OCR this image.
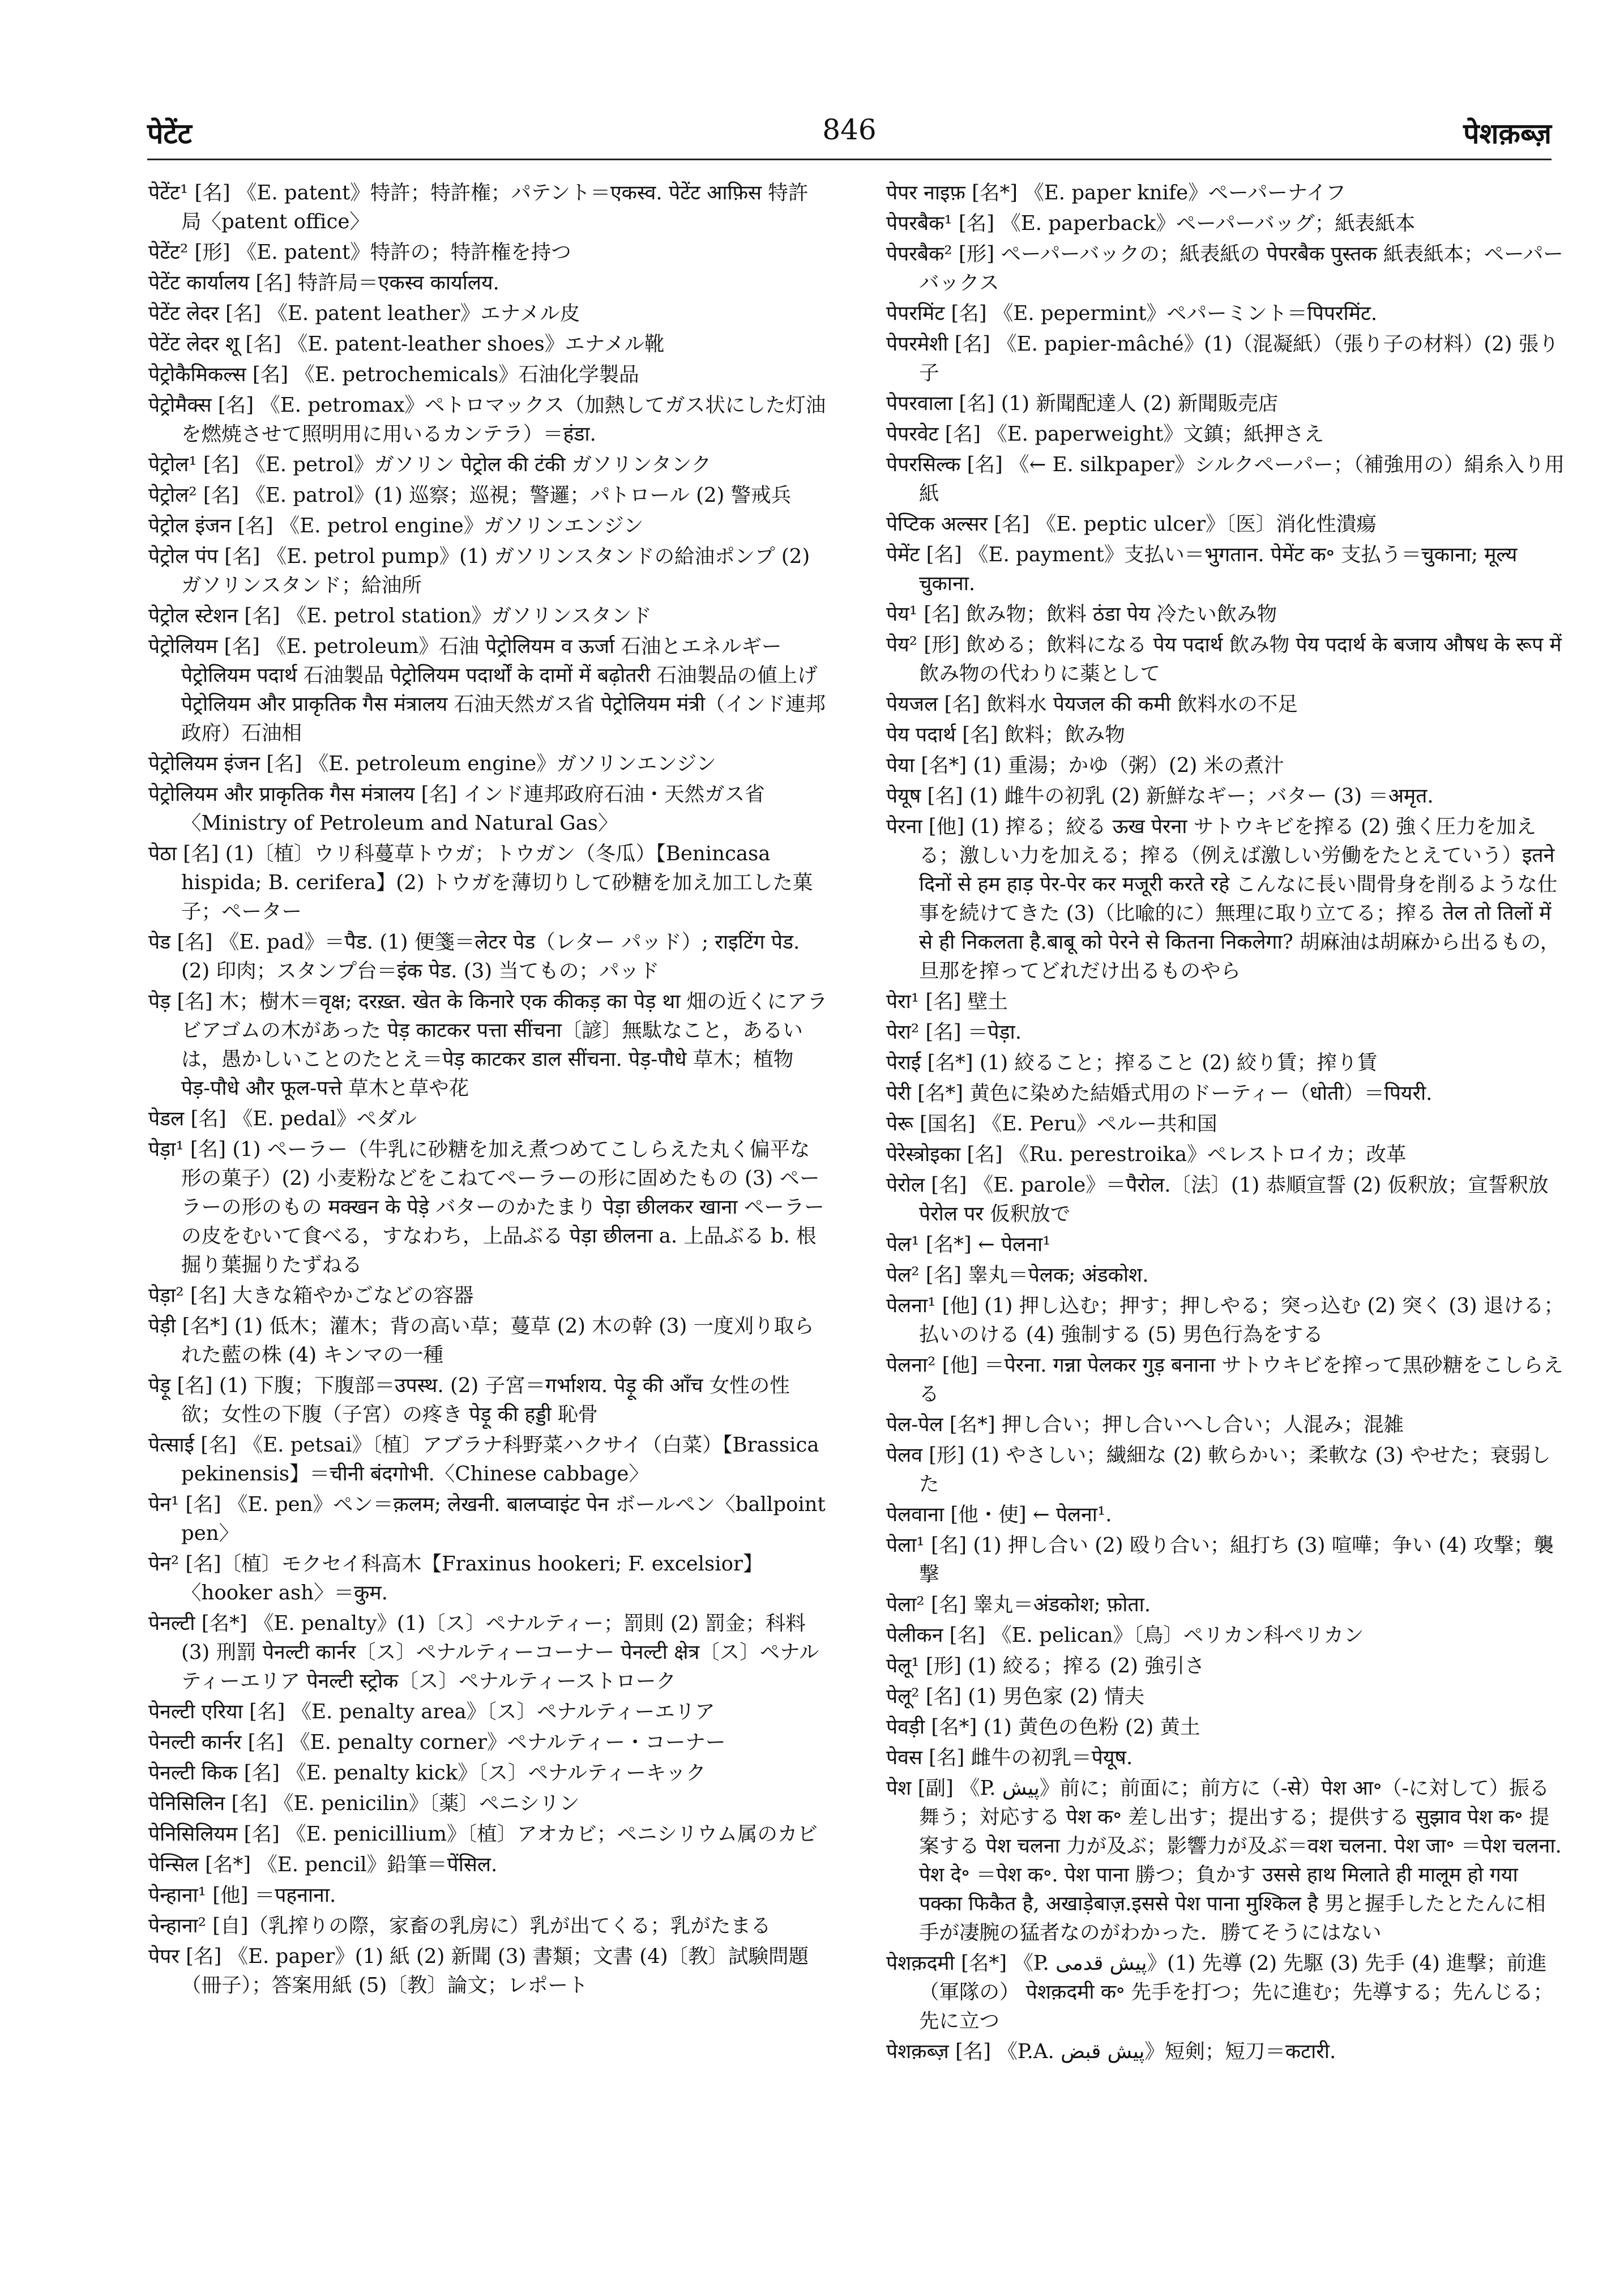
पेटेंट	846	पेशक़ब्ज़

पेटेंट¹ [名] 《E. patent》特許；特許権；パテント＝एकस्व. पेटेंट आफ़िस 特許局〈patent office〉

पेटेंट² [形] 《E. patent》特許の；特許権を持つ

पेटेंट कार्यालय [名] 特許局＝एकस्व कार्यालय.

पेटेंट लेदर [名] 《E. patent leather》エナメル皮

पेटेंट लेदर शू [名] 《E. patent-leather shoes》エナメル靴

पेट्रोकैमिकल्स [名] 《E. petrochemicals》石油化学製品

पेट्रोमैक्स [名] 《E. petromax》ペトロマックス（加熱してガス状にした灯油を燃焼させて照明用に用いるカンテラ）＝हंडा.

पेट्रोल¹ [名] 《E. petrol》ガソリン पेट्रोल की टंकी ガソリンタンク

पेट्रोल² [名] 《E. patrol》(1) 巡察；巡視；警邏；パトロール (2) 警戒兵

पेट्रोल इंजन [名] 《E. petrol engine》ガソリンエンジン

पेट्रोल पंप [名] 《E. petrol pump》(1) ガソリンスタンドの給油ポンプ (2) ガソリンスタンド；給油所

पेट्रोल स्टेशन [名] 《E. petrol station》ガソリンスタンド

पेट्रोलियम [名] 《E. petroleum》石油 पेट्रोलियम व ऊर्जा 石油とエネルギー पेट्रोलियम पदार्थ 石油製品 पेट्रोलियम पदार्थों के दामों में बढ़ोतरी 石油製品の値上げ पेट्रोलियम और प्राकृतिक गैस मंत्रालय 石油天然ガス省 पेट्रोलियम मंत्री（インド連邦政府）石油相

पेट्रोलियम इंजन [名] 《E. petroleum engine》ガソリンエンジン

पेट्रोलियम और प्राकृतिक गैस मंत्रालय [名] インド連邦政府石油・天然ガス省〈Ministry of Petroleum and Natural Gas〉

पेठा [名] (1)〔植〕ウリ科蔓草トウガ；トウガン（冬瓜）【Benincasa hispida; B. cerifera】(2) トウガを薄切りして砂糖を加え加工した菓子；ペーター

पेड [名] 《E. pad》＝पैड. (1) 便箋＝लेटर पेड（レター パッド）; राइटिंग पेड. (2) 印肉；スタンプ台＝इंक पेड. (3) 当てもの；パッド

पेड़ [名] 木；樹木＝वृक्ष; दरख़्त. खेत के किनारे एक कीकड़ का पेड़ था 畑の近くにアラビアゴムの木があった पेड़ काटकर पत्ता सींचना〔諺〕無駄なこと，あるいは，愚かしいことのたとえ＝पेड़ काटकर डाल सींचना. पेड़-पौधे 草木；植物 पेड़-पौधे और फूल-पत्ते 草木と草や花

पेडल [名] 《E. pedal》ペダル

पेड़ा¹ [名] (1) ペーラー（牛乳に砂糖を加え煮つめてこしらえた丸く偏平な形の菓子）(2) 小麦粉などをこねてペーラーの形に固めたもの (3) ペーラーの形のもの मक्खन के पेड़े バターのかたまり पेड़ा छीलकर खाना ペーラーの皮をむいて食べる，すなわち，上品ぶる पेड़ा छीलना a. 上品ぶる b. 根掘り葉掘りたずねる

पेड़ा² [名] 大きな箱やかごなどの容器

पेड़ी [名*] (1) 低木；灌木；背の高い草；蔓草 (2) 木の幹 (3) 一度刈り取られた藍の株 (4) キンマの一種

पेड़ू [名] (1) 下腹；下腹部＝उपस्थ. (2) 子宮＝गर्भाशय. पेड़ू की आँच 女性の性欲；女性の下腹（子宮）の疼き पेड़ू की हड्डी 恥骨

पेत्साई [名] 《E. petsai》〔植〕アブラナ科野菜ハクサイ（白菜）【Brassica pekinensis】＝चीनी बंदगोभी.〈Chinese cabbage〉

पेन¹ [名] 《E. pen》ペン＝क़लम; लेखनी. बालप्वाइंट पेन ボールペン〈ballpoint pen〉

पेन² [名]〔植〕モクセイ科高木【Fraxinus hookeri; F. excelsior】〈hooker ash〉＝कुम.

पेनल्टी [名*] 《E. penalty》(1)〔ス〕ペナルティー；罰則 (2) 罰金；科料 (3) 刑罰 पेनल्टी कार्नर〔ス〕ペナルティーコーナー पेनल्टी क्षेत्र〔ス〕ペナルティーエリア पेनल्टी स्ट्रोक〔ス〕ペナルティーストローク

पेनल्टी एरिया [名] 《E. penalty area》〔ス〕ペナルティーエリア

पेनल्टी कार्नर [名] 《E. penalty corner》ペナルティー・コーナー

पेनल्टी किक [名] 《E. penalty kick》〔ス〕ペナルティーキック

पेनिसिलिन [名] 《E. penicilin》〔薬〕ペニシリン

पेनिसिलियम [名] 《E. penicillium》〔植〕アオカビ；ペニシリウム属のカビ

पेन्सिल [名*] 《E. pencil》鉛筆＝पेंसिल.

पेन्हाना¹ [他] ＝पहनाना.

पेन्हाना² [自]（乳搾りの際，家畜の乳房に）乳が出てくる；乳がたまる

पेपर [名] 《E. paper》(1) 紙 (2) 新聞 (3) 書類；文書 (4)〔教〕試験問題（冊子）；答案用紙 (5)〔教〕論文；レポート

पेपर नाइफ़ [名*] 《E. paper knife》ペーパーナイフ

पेपरबैक¹ [名] 《E. paperback》ペーパーバッグ；紙表紙本

पेपरबैक² [形] ペーパーバックの；紙表紙の पेपरबैक पुस्तक 紙表紙本；ペーパーバックス

पेपरमिंट [名] 《E. pepermint》ペパーミント＝पिपरमिंट.

पेपरमेशी [名] 《E. papier-mâché》(1)（混凝紙）（張り子の材料）(2) 張り子

पेपरवाला [名] (1) 新聞配達人 (2) 新聞販売店

पेपरवेट [名] 《E. paperweight》文鎮；紙押さえ

पेपरसिल्क [名] 《← E. silkpaper》シルクペーパー；（補強用の）絹糸入り用紙

पेप्टिक अल्सर [名] 《E. peptic ulcer》〔医〕消化性潰瘍

पेमेंट [名] 《E. payment》支払い＝भुगतान. पेमेंट क॰ 支払う＝चुकाना; मूल्य चुकाना.

पेय¹ [名] 飲み物；飲料 ठंडा पेय 冷たい飲み物

पेय² [形] 飲める；飲料になる पेय पदार्थ 飲み物 पेय पदार्थ के बजाय औषध के रूप में 飲み物の代わりに薬として

पेयजल [名] 飲料水 पेयजल की कमी 飲料水の不足

पेय पदार्थ [名] 飲料；飲み物

पेया [名*] (1) 重湯；かゆ（粥）(2) 米の煮汁

पेयूष [名] (1) 雌牛の初乳 (2) 新鮮なギー；バター (3) ＝अमृत.

पेरना [他] (1) 搾る；絞る ऊख पेरना サトウキビを搾る (2) 強く圧力を加える；激しい力を加える；搾る（例えば激しい労働をたとえていう）इतने दिनों से हम हाड़ पेर-पेर कर मजूरी करते रहे こんなに長い間骨身を削るような仕事を続けてきた (3)（比喩的に）無理に取り立てる；搾る तेल तो तिलों में से ही निकलता है.बाबू को पेरने से कितना निकलेगा? 胡麻油は胡麻から出るもの，旦那を搾ってどれだけ出るものやら

पेरा¹ [名] 壁土

पेरा² [名] ＝पेड़ा.

पेराई [名*] (1) 絞ること；搾ること (2) 絞り賃；搾り賃

पेरी [名*] 黄色に染めた結婚式用のドーティー（धोती）＝पियरी.

पेरू [国名] 《E. Peru》ペルー共和国

पेरेस्त्रोइका [名] 《Ru. perestroika》ペレストロイカ；改革

पेरोल [名] 《E. parole》＝पैरोल.〔法〕(1) 恭順宣誓 (2) 仮釈放；宣誓釈放 पेरोल पर 仮釈放で

पेल¹ [名*] ← पेलना¹

पेल² [名] 睾丸＝पेलक; अंडकोश.

पेलना¹ [他] (1) 押し込む；押す；押しやる；突っ込む (2) 突く (3) 退ける；払いのける (4) 強制する (5) 男色行為をする

पेलना² [他] ＝पेरना. गन्ना पेलकर गुड़ बनाना サトウキビを搾って黒砂糖をこしらえる

पेल-पेल [名*] 押し合い；押し合いへし合い；人混み；混雑

पेलव [形] (1) やさしい；繊細な (2) 軟らかい；柔軟な (3) やせた；衰弱した

पेलवाना [他・使] ← पेलना¹.

पेला¹ [名] (1) 押し合い (2) 殴り合い；組打ち (3) 喧嘩；争い (4) 攻撃；襲撃

पेला² [名] 睾丸＝अंडकोश; फ़ोता.

पेलीकन [名] 《E. pelican》〔鳥〕ペリカン科ペリカン

पेलू¹ [形] (1) 絞る；搾る (2) 強引さ

पेलू² [名] (1) 男色家 (2) 情夫

पेवड़ी [名*] (1) 黄色の色粉 (2) 黄土

पेवस [名] 雌牛の初乳＝पेयूष.

पेश [副] 《P. پیش》前に；前面に；前方に（-से）पेश आ॰（-に対して）振る舞う；対応する पेश क॰ 差し出す；提出する；提供する सुझाव पेश क॰ 提案する पेश चलना 力が及ぶ；影響力が及ぶ＝वश चलना. पेश जा॰ ＝पेश चलना. पेश दे॰ ＝पेश क॰. पेश पाना 勝つ；負かす उससे हाथ मिलाते ही मालूम हो गया पक्का फिकैत है, अखाड़ेबाज़.इससे पेश पाना मुश्किल है 男と握手したとたんに相手が凄腕の猛者なのがわかった．勝てそうにはない

पेशक़दमी [名*] 《P. پیش قدمی》(1) 先導 (2) 先駆 (3) 先手 (4) 進撃；前進（軍隊の） पेशक़दमी क॰ 先手を打つ；先に進む；先導する；先んじる；先に立つ

पेशक़ब्ज़ [名] 《P.A. پیش قبض》短剣；短刀＝कटारी.
